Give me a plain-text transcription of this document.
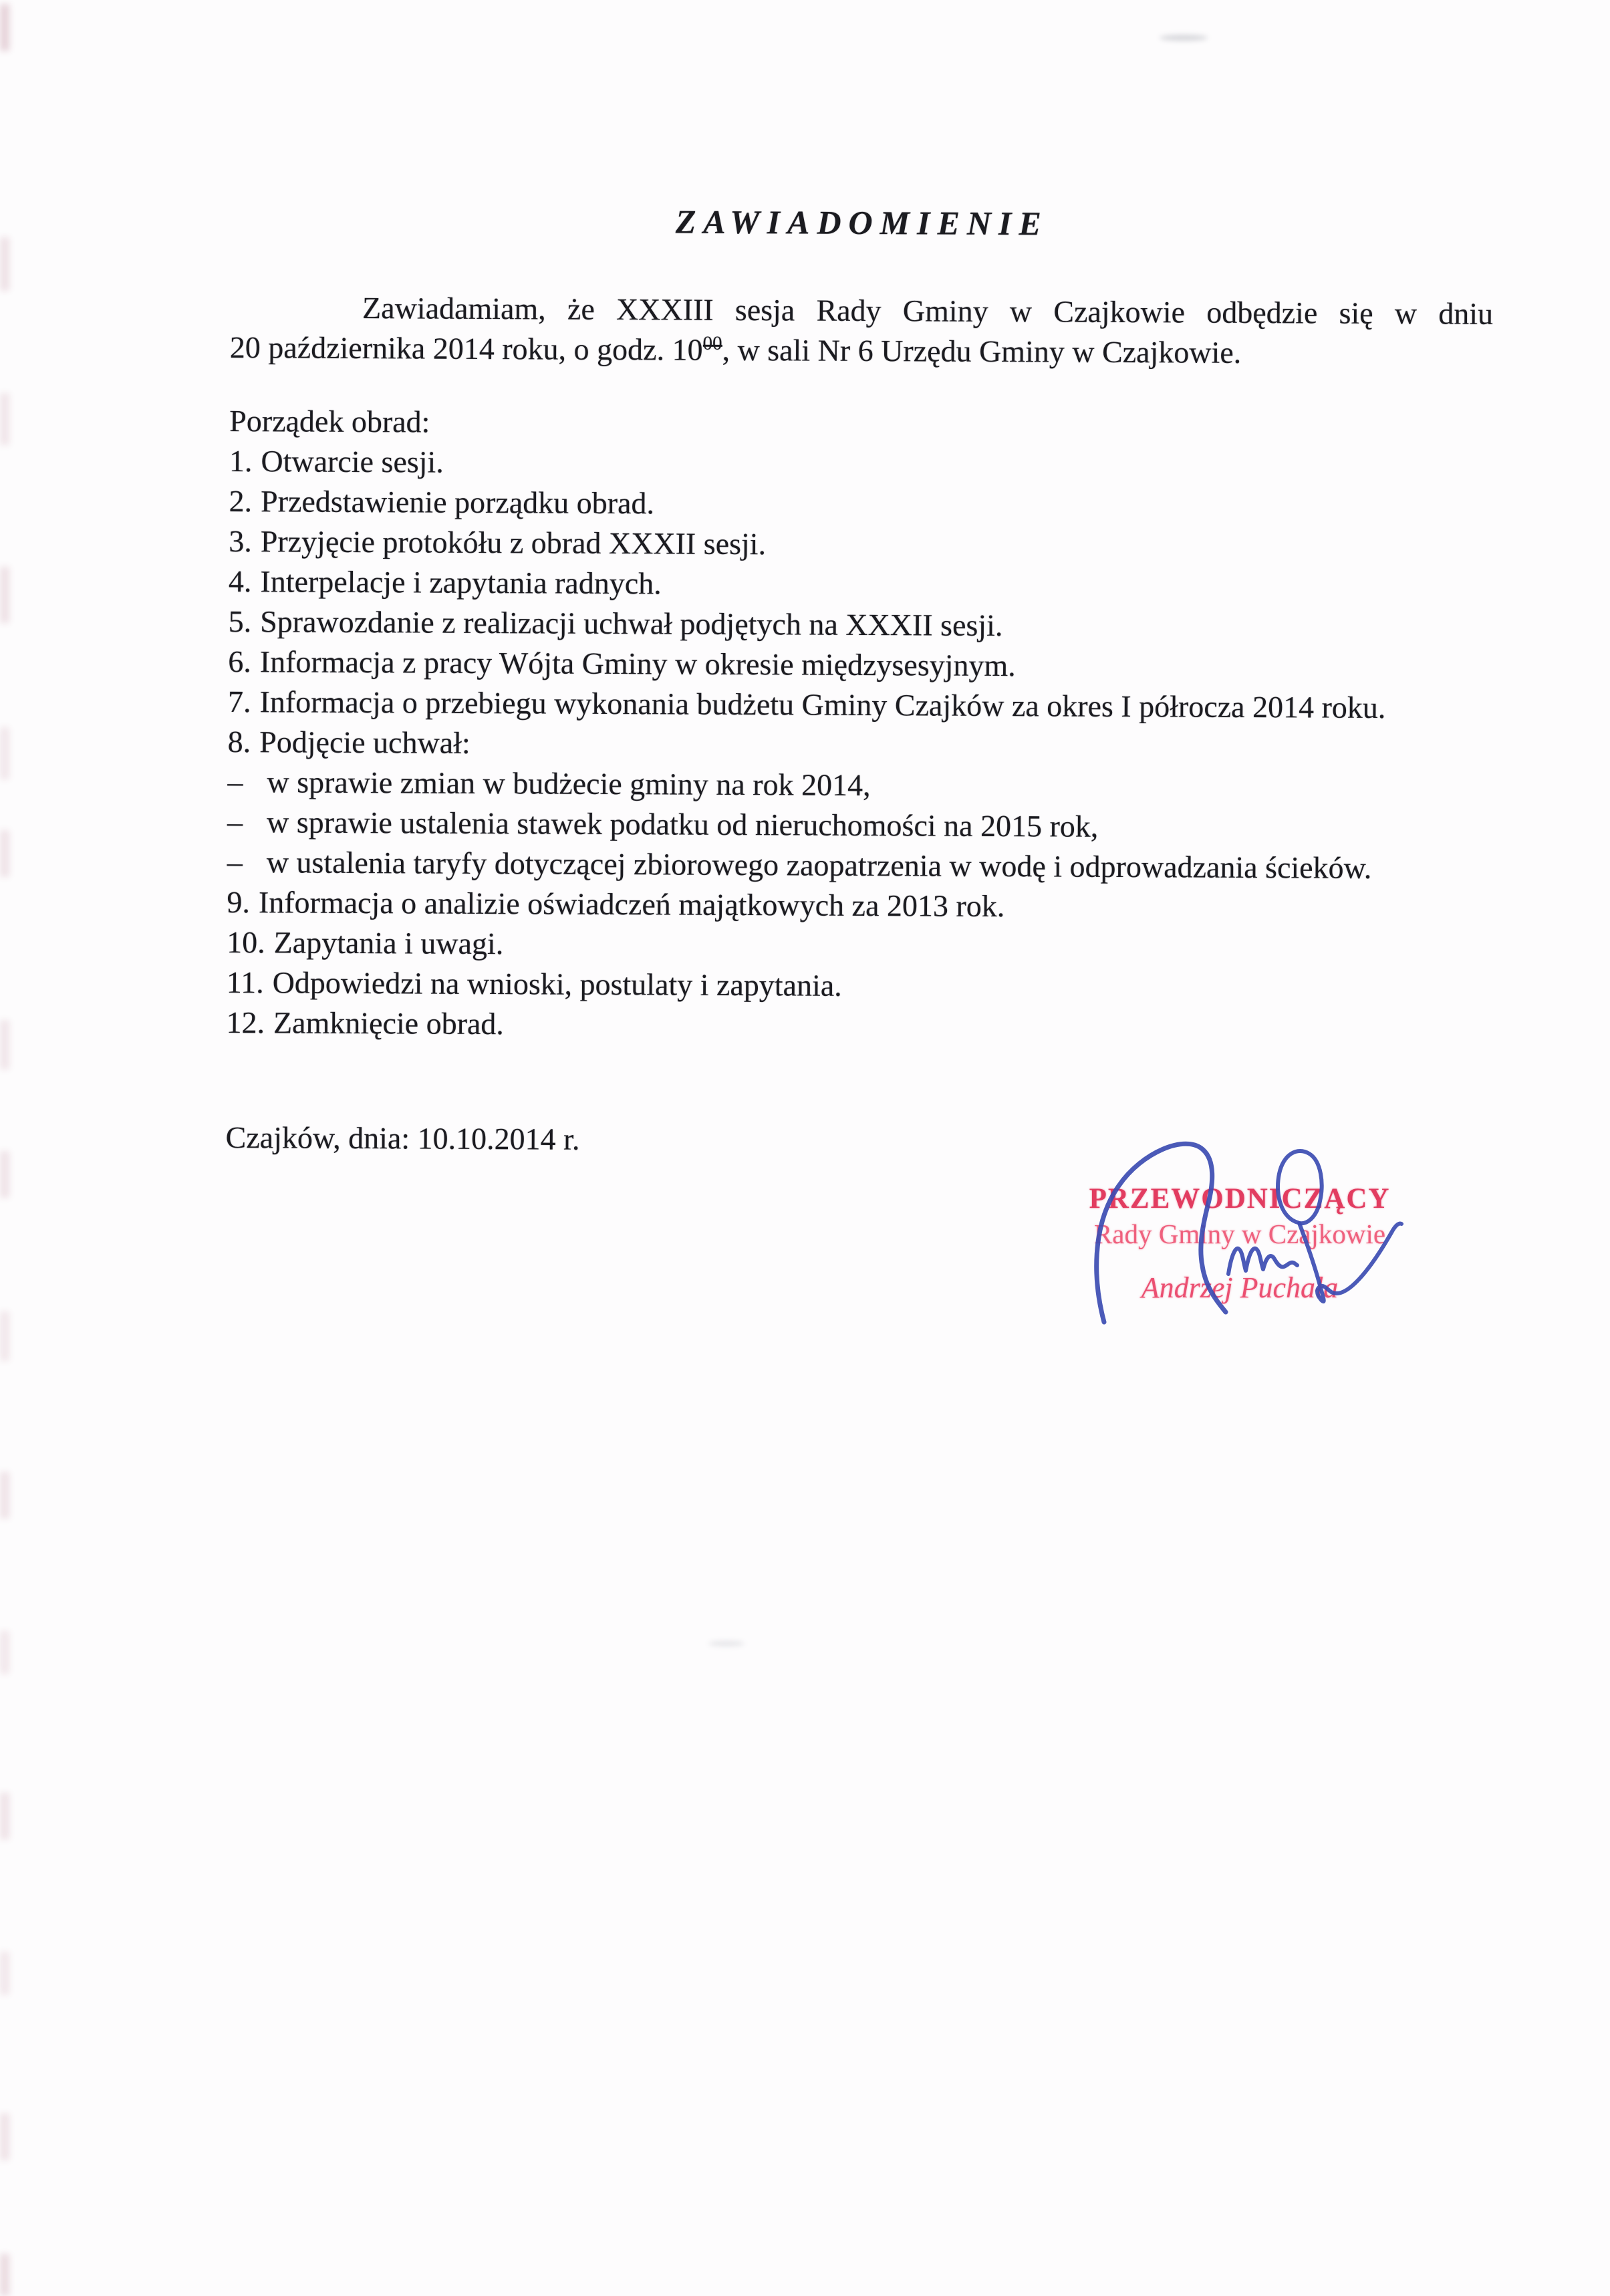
ZAWIADOMIENIE
Zawiadamiam, że XXXIII sesja Rady Gminy w Czajkowie odbędzie się w dniu
20 października 2014 roku, o godz. 1000, w sali Nr 6 Urzędu Gminy w Czajkowie.

Porządek obrad:

1. Otwarcie sesji.
2. Przedstawienie porządku obrad.
3. Przyjęcie protokółu z obrad XXXII sesji.
4. Interpelacje i zapytania radnych.
5. Sprawozdanie z realizacji uchwał podjętych na XXXII sesji.
6. Informacja z pracy Wójta Gminy w okresie międzysesyjnym.
7. Informacja o przebiegu wykonania budżetu Gminy Czajków za okres I półrocza 2014 roku.
8. Podjęcie uchwał:
– w sprawie zmian w budżecie gminy na rok 2014,
– w sprawie ustalenia stawek podatku od nieruchomości na 2015 rok,
– w ustalenia taryfy dotyczącej zbiorowego zaopatrzenia w wodę i odprowadzania ścieków.
9. Informacja o analizie oświadczeń majątkowych za 2013 rok.
10. Zapytania i uwagi.
11. Odpowiedzi na wnioski, postulaty i zapytania.
12. Zamknięcie obrad.

Czajków, dnia: 10.10.2014 r.

PRZEWODNICZĄCY
Rady Gminy w Czajkowie
Andrzej Puchała
